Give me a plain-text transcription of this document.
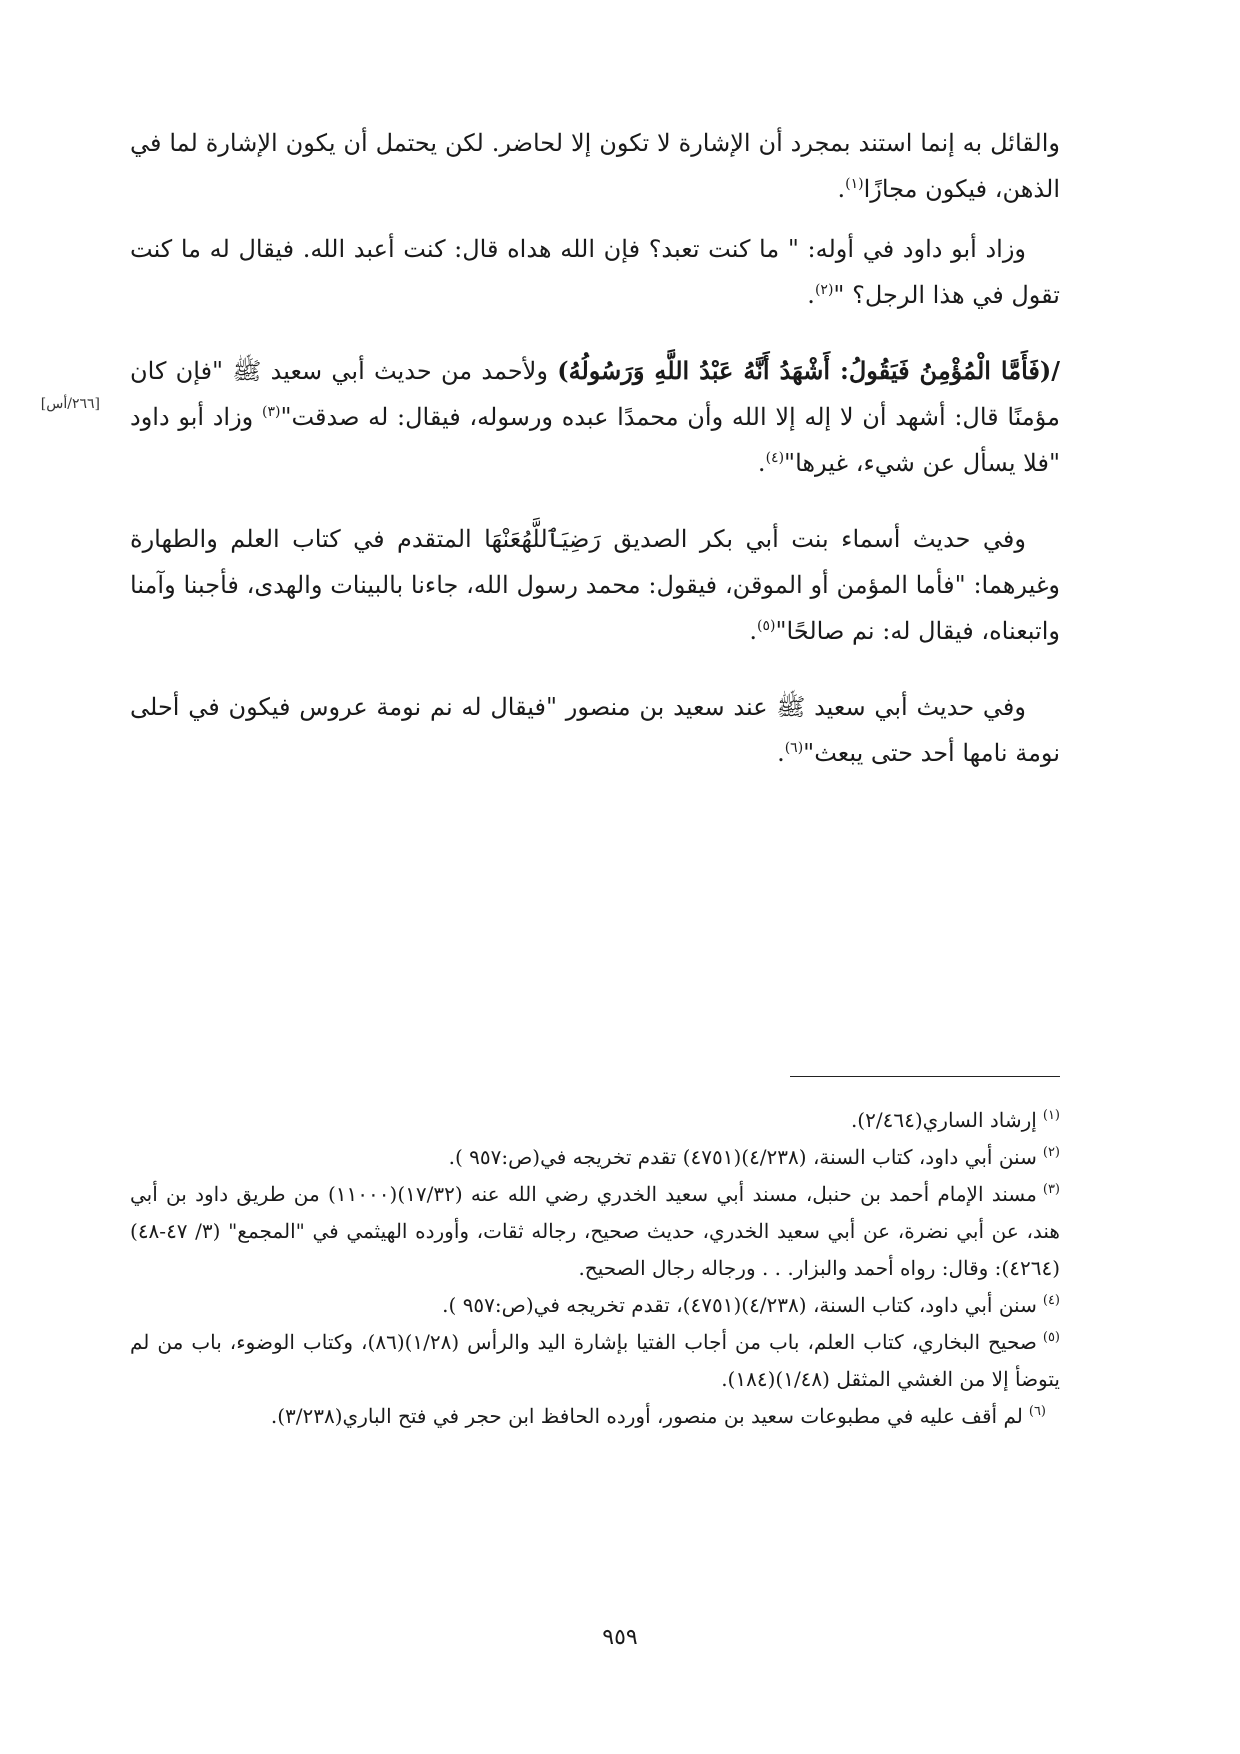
[٢٦٦/أس]

والقائل به إنما استند بمجرد أن الإشارة لا تكون إلا لحاضر. لكن يحتمل أن يكون الإشارة لما في الذهن، فيكون مجازًا$^{(١)}$.

وزاد أبو داود في أوله: " ما كنت تعبد؟ فإن الله هداه قال: كنت أعبد الله. فيقال له ما كنت تقول في هذا الرجل؟ "$^{(٢)}$.

/(فَأَمَّا الْمُؤْمِنُ فَيَقُولُ: أَشْهَدُ أَنَّهُ عَبْدُ اللَّهِ وَرَسُولُهُ) ولأحمد من حديث أبي سعيد ﷺ "فإن كان مؤمنًا قال: أشهد أن لا إله إلا الله وأن محمدًا عبده ورسوله، فيقال: له صدقت"$^{(٣)}$ وزاد أبو داود "فلا يسأل عن شيء، غيرها"$^{(٤)}$.

وفي حديث أسماء بنت أبي بكر الصديق رَضِيَٱللَّهُعَنْهَا المتقدم في كتاب العلم والطهارة وغيرهما: "فأما المؤمن أو الموقن، فيقول: محمد رسول الله، جاءنا بالبينات والهدى، فأجبنا وآمنا واتبعناه، فيقال له: نم صالحًا"$^{(٥)}$.

وفي حديث أبي سعيد ﷺ عند سعيد بن منصور "فيقال له نم نومة عروس فيكون في أحلى نومة نامها أحد حتى يبعث"$^{(٦)}$.

$^{(١)}$إرشاد الساري(٢/٤٦٤).

$^{(٢)}$سنن أبي داود، كتاب السنة، (٤/٢٣٨)(٤٧٥١) تقدم تخريجه في(ص:٩٥٧ ).

$^{(٣)}$مسند الإمام أحمد بن حنبل، مسند أبي سعيد الخدري رضي الله عنه (١٧/٣٢)(١١٠٠٠) من طريق داود بن أبي هند، عن أبي نضرة، عن أبي سعيد الخدري، حديث صحيح، رجاله ثقات، وأورده الهيثمي في "المجمع" (٣/ ٤٧-٤٨)(٤٢٦٤): وقال: رواه أحمد والبزار. . . ورجاله رجال الصحيح.

$^{(٤)}$سنن أبي داود، كتاب السنة، (٤/٢٣٨)(٤٧٥١)، تقدم تخريجه في(ص:٩٥٧ ).

$^{(٥)}$صحيح البخاري، كتاب العلم، باب من أجاب الفتيا بإشارة اليد والرأس (١/٢٨)(٨٦)، وكتاب الوضوء، باب من لم يتوضأ إلا من الغشي المثقل (١/٤٨)(١٨٤).

$^{(٦)}$لم أقف عليه في مطبوعات سعيد بن منصور، أورده الحافظ ابن حجر في فتح الباري(٣/٢٣٨).

٩٥٩
